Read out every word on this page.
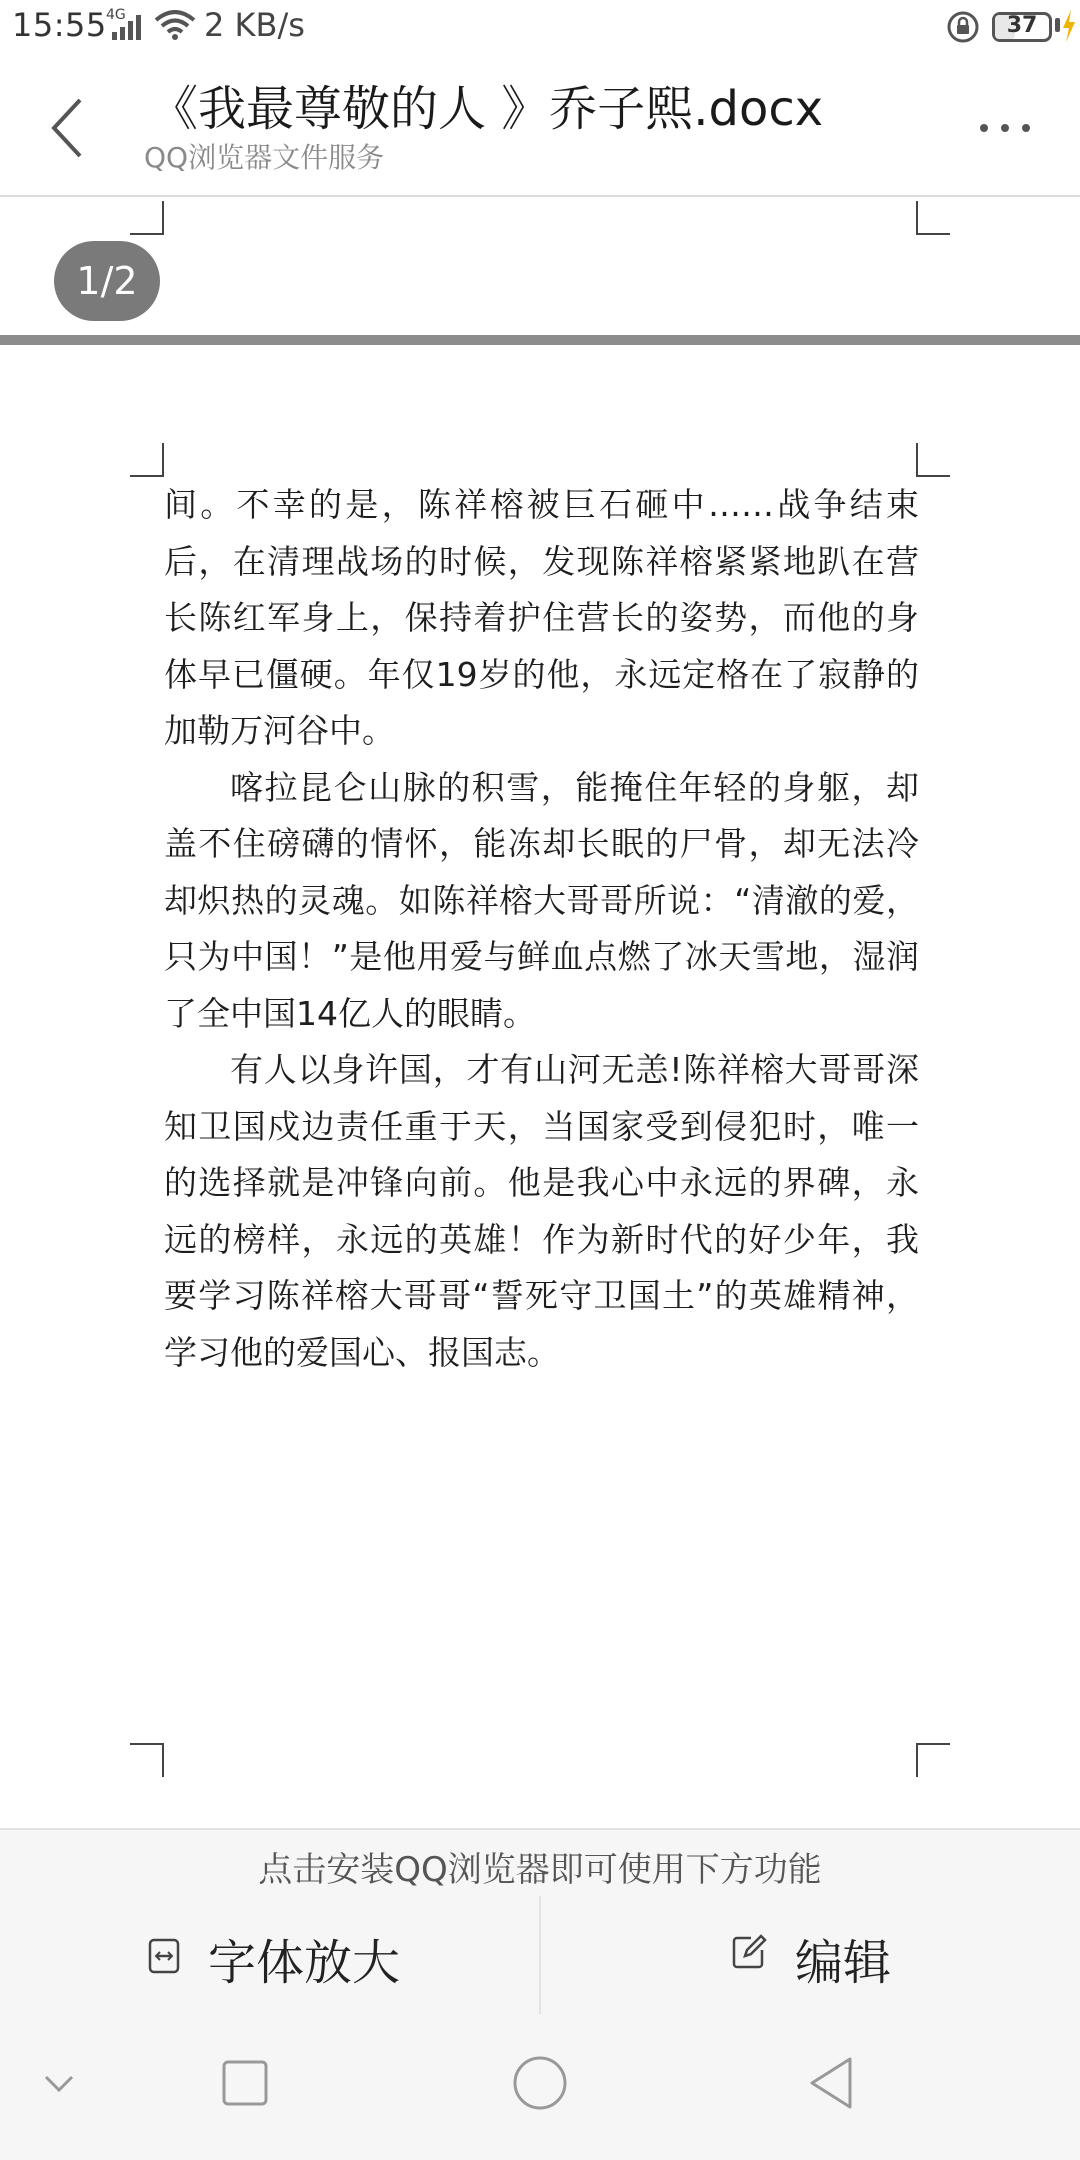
15:55 4G 2 KB/s	37
《我最尊敬的人 》乔子熙.docx
QQ浏览器文件服务
1/2

间。不幸的是，陈祥榕被巨石砸中……战争结束后，在清理战场的时候，发现陈祥榕紧紧地趴在营长陈红军身上，保持着护住营长的姿势，而他的身体早已僵硬。年仅19岁的他，永远定格在了寂静的加勒万河谷中。

喀拉昆仑山脉的积雪，能掩住年轻的身躯，却盖不住磅礴的情怀，能冻却长眠的尸骨，却无法冷却炽热的灵魂。如陈祥榕大哥哥所说：“清澈的爱，只为中国！”是他用爱与鲜血点燃了冰天雪地，湿润了全中国14亿人的眼睛。

有人以身许国，才有山河无恙!陈祥榕大哥哥深知卫国戍边责任重于天，当国家受到侵犯时，唯一的选择就是冲锋向前。他是我心中永远的界碑，永远的榜样，永远的英雄！作为新时代的好少年，我要学习陈祥榕大哥哥“誓死守卫国土”的英雄精神，学习他的爱国心、报国志。

点击安装QQ浏览器即可使用下方功能
字体放大	编辑
